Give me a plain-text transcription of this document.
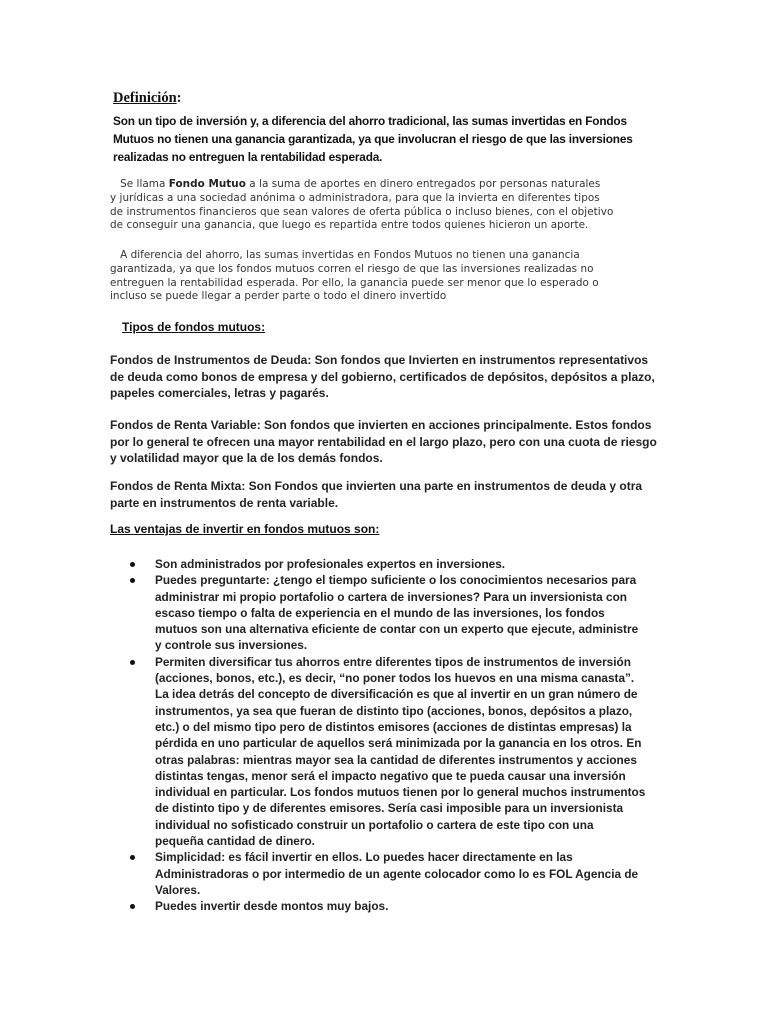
Definición:
Son un tipo de inversión y, a diferencia del ahorro tradicional, las sumas invertidas en Fondos
Mutuos no tienen una ganancia garantizada, ya que involucran el riesgo de que las inversiones
realizadas no entreguen la rentabilidad esperada.
Se llama Fondo Mutuo a la suma de aportes en dinero entregados por personas naturales
y jurídicas a una sociedad anónima o administradora, para que la invierta en diferentes tipos
de instrumentos financieros que sean valores de oferta pública o incluso bienes, con el objetivo
de conseguir una ganancia, que luego es repartida entre todos quienes hicieron un aporte.
A diferencia del ahorro, las sumas invertidas en Fondos Mutuos no tienen una ganancia
garantizada, ya que los fondos mutuos corren el riesgo de que las inversiones realizadas no
entreguen la rentabilidad esperada. Por ello, la ganancia puede ser menor que lo esperado o
incluso se puede llegar a perder parte o todo el dinero invertido
Tipos de fondos mutuos:
Fondos de Instrumentos de Deuda: Son fondos que Invierten en instrumentos representativos
de deuda como bonos de empresa y del gobierno, certificados de depósitos, depósitos a plazo,
papeles comerciales, letras y pagarés.
Fondos de Renta Variable: Son fondos que invierten en acciones principalmente. Estos fondos
por lo general te ofrecen una mayor rentabilidad en el largo plazo, pero con una cuota de riesgo
y volatilidad mayor que la de los demás fondos.
Fondos de Renta Mixta: Son Fondos que invierten una parte en instrumentos de deuda y otra
parte en instrumentos de renta variable.
Las ventajas de invertir en fondos mutuos son:
Son administrados por profesionales expertos en inversiones.
Puedes preguntarte: ¿tengo el tiempo suficiente o los conocimientos necesarios para
administrar mi propio portafolio o cartera de inversiones? Para un inversionista con
escaso tiempo o falta de experiencia en el mundo de las inversiones, los fondos
mutuos son una alternativa eficiente de contar con un experto que ejecute, administre
y controle sus inversiones.
Permiten diversificar tus ahorros entre diferentes tipos de instrumentos de inversión
(acciones, bonos, etc.), es decir, “no poner todos los huevos en una misma canasta”.
La idea detrás del concepto de diversificación es que al invertir en un gran número de
instrumentos, ya sea que fueran de distinto tipo (acciones, bonos, depósitos a plazo,
etc.) o del mismo tipo pero de distintos emisores (acciones de distintas empresas) la
pérdida en uno particular de aquellos será minimizada por la ganancia en los otros. En
otras palabras: mientras mayor sea la cantidad de diferentes instrumentos y acciones
distintas tengas, menor será el impacto negativo que te pueda causar una inversión
individual en particular. Los fondos mutuos tienen por lo general muchos instrumentos
de distinto tipo y de diferentes emisores. Sería casi imposible para un inversionista
individual no sofisticado construir un portafolio o cartera de este tipo con una
pequeña cantidad de dinero.
Simplicidad: es fácil invertir en ellos. Lo puedes hacer directamente en las
Administradoras o por intermedio de un agente colocador como lo es FOL Agencia de
Valores.
Puedes invertir desde montos muy bajos.
